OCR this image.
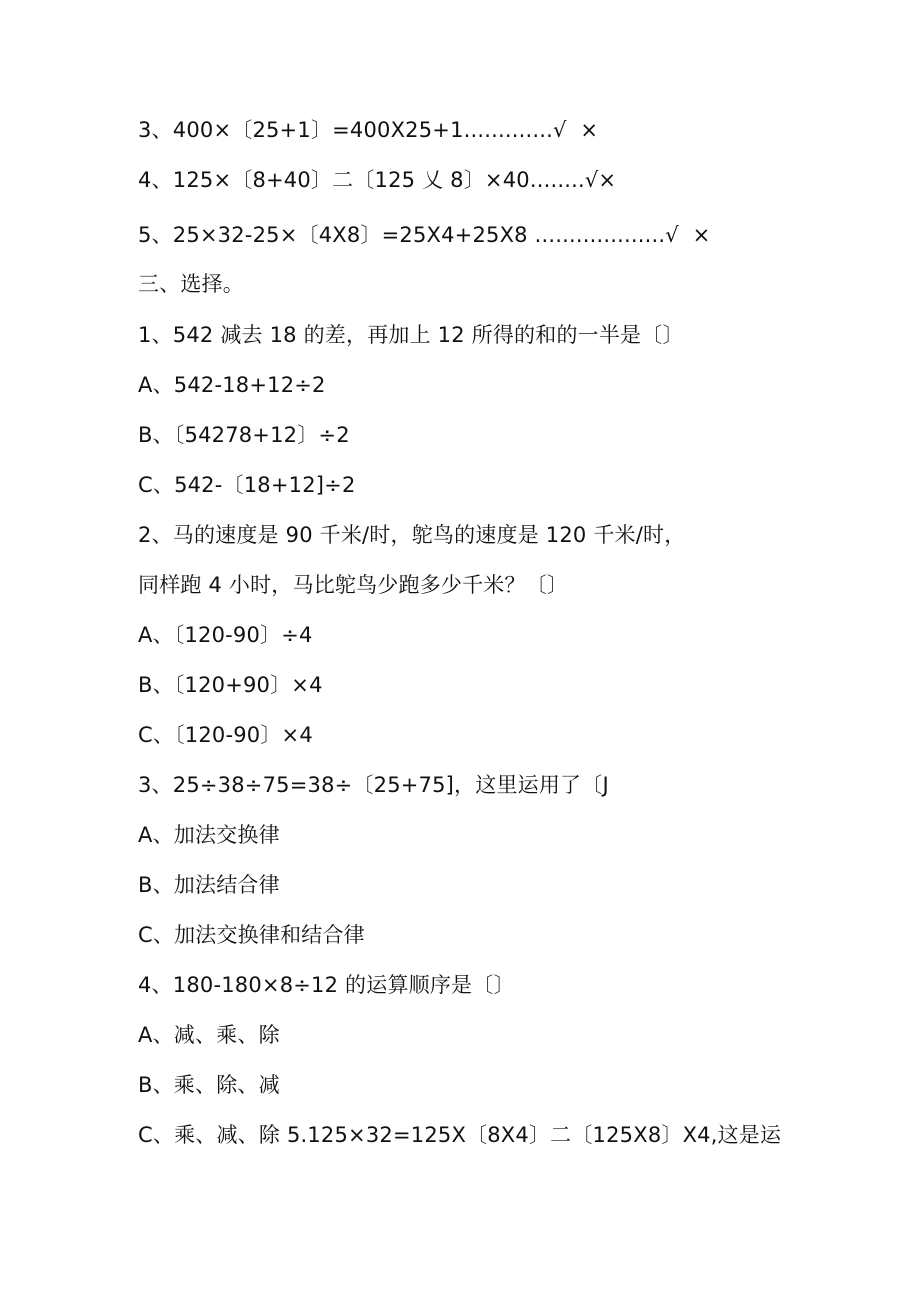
3、400×〔25+1〕=400X25+1.............√  ×
4、125×〔8+40〕二〔125 乂 8〕×40........√×
5、25×32-25×〔4X8〕=25X4+25X8 ...................√  ×
三、选择。
1、542 减去 18 的差，再加上 12 所得的和的一半是〔〕
A、542-18+12÷2
B、〔54278+12〕÷2
C、542-〔18+12]÷2
2、马的速度是 90 千米/时，鸵鸟的速度是 120 千米/时，
同样跑 4 小时，马比鸵鸟少跑多少千米？〔〕
A、〔120-90〕÷4
B、〔120+90〕×4
C、〔120-90〕×4
3、25÷38÷75=38÷〔25+75]，这里运用了〔J
A、加法交换律
B、加法结合律
C、加法交换律和结合律
4、180-180×8÷12 的运算顺序是〔〕
A、减、乘、除
B、乘、除、减
C、乘、减、除 5.125×32=125X〔8X4〕二〔125X8〕X4,这是运
